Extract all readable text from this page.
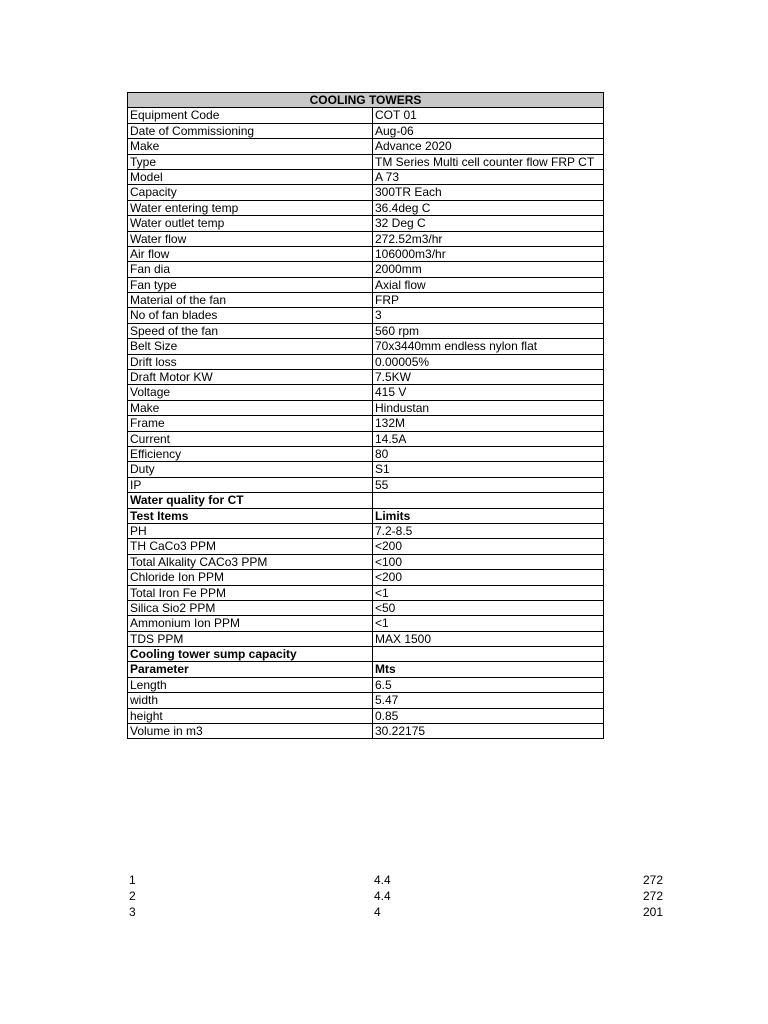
COOLING TOWERS	
Equipment Code	COT 01
Date of Commissioning	Aug-06
Make	Advance 2020
Type	TM Series Multi cell counter flow FRP CT
Model	A 73
Capacity	300TR Each
Water entering temp	36.4deg C
Water outlet temp	32 Deg C
Water flow	272.52m3/hr
Air flow	106000m3/hr
Fan dia	2000mm
Fan type	Axial flow
Material of the fan	FRP
No of fan blades	3
Speed of the fan	560 rpm
Belt Size	70x3440mm endless nylon flat
Drift loss	0.00005%
Draft Motor KW	7.5KW
Voltage	415 V
Make	Hindustan
Frame	132M
Current	14.5A
Efficiency	80
Duty	S1
IP	55
Water quality for CT	
Test Items	Limits
PH	7.2-8.5
TH CaCo3 PPM	<200
Total Alkality CACo3 PPM	<100
Chloride Ion PPM	<200
Total Iron Fe PPM	<1
Silica Sio2 PPM	<50
Ammonium Ion PPM	<1
TDS PPM	MAX 1500
Cooling tower sump capacity	
Parameter	Mts
Length	6.5
width	5.47
height	0.85
Volume in m3	30.22175
1	4.4	272
2	4.4	272
3	4	201
